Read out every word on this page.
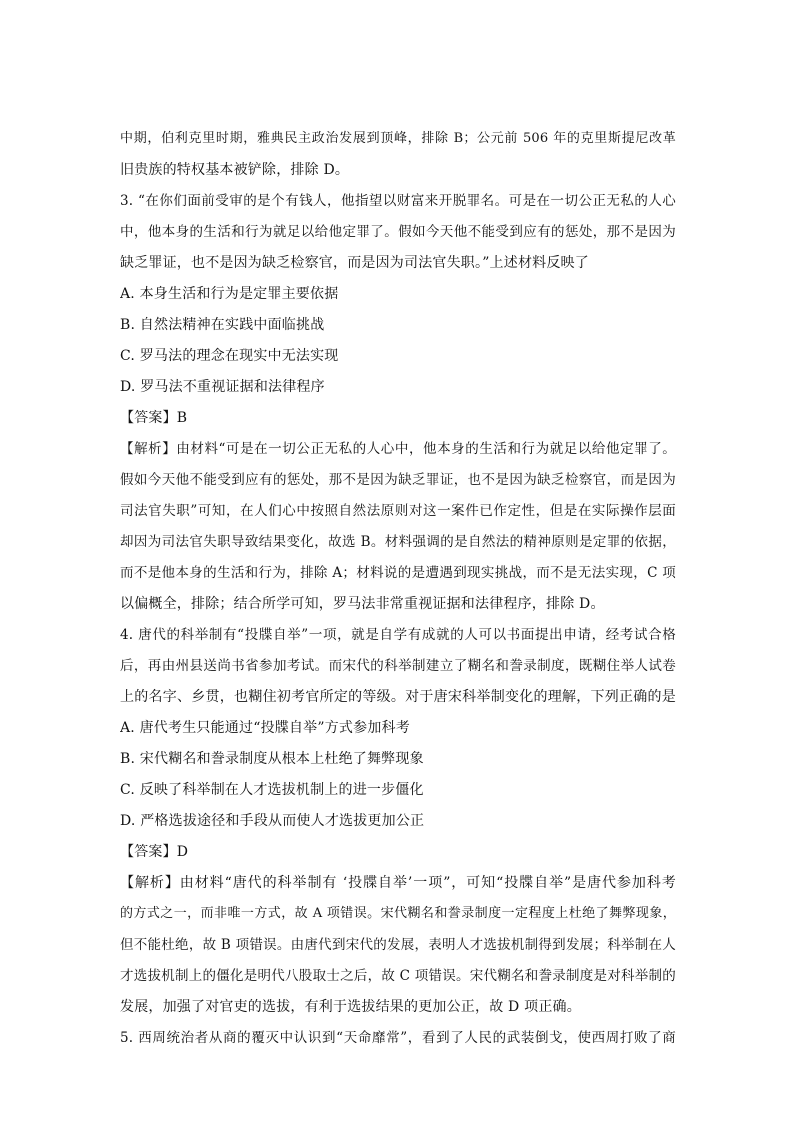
中期，伯利克里时期，雅典民主政治发展到顶峰，排除 B；公元前 506 年的克里斯提尼改革
旧贵族的特权基本被铲除，排除 D。
3. “在你们面前受审的是个有钱人，他指望以财富来开脱罪名。可是在一切公正无私的人心
中，他本身的生活和行为就足以给他定罪了。假如今天他不能受到应有的惩处，那不是因为
缺乏罪证，也不是因为缺乏检察官，而是因为司法官失职。”上述材料反映了
A. 本身生活和行为是定罪主要依据
B. 自然法精神在实践中面临挑战
C. 罗马法的理念在现实中无法实现
D. 罗马法不重视证据和法律程序
【答案】B
【解析】由材料“可是在一切公正无私的人心中，他本身的生活和行为就足以给他定罪了。
假如今天他不能受到应有的惩处，那不是因为缺乏罪证，也不是因为缺乏检察官，而是因为
司法官失职”可知，在人们心中按照自然法原则对这一案件已作定性，但是在实际操作层面
却因为司法官失职导致结果变化，故选 B。材料强调的是自然法的精神原则是定罪的依据，
而不是他本身的生活和行为，排除 A；材料说的是遭遇到现实挑战，而不是无法实现，C 项
以偏概全，排除；结合所学可知，罗马法非常重视证据和法律程序，排除 D。
4. 唐代的科举制有“投牒自举”一项，就是自学有成就的人可以书面提出申请，经考试合格
后，再由州县送尚书省参加考试。而宋代的科举制建立了糊名和誊录制度，既糊住举人试卷
上的名字、乡贯，也糊住初考官所定的等级。对于唐宋科举制变化的理解，下列正确的是
A. 唐代考生只能通过“投牒自举”方式参加科考
B. 宋代糊名和誊录制度从根本上杜绝了舞弊现象
C. 反映了科举制在人才选拔机制上的进一步僵化
D. 严格选拔途径和手段从而使人才选拔更加公正
【答案】D
【解析】由材料“唐代的科举制有 ‘投牒自举’一项”，可知“投牒自举”是唐代参加科考
的方式之一，而非唯一方式，故 A 项错误。宋代糊名和誊录制度一定程度上杜绝了舞弊现象，
但不能杜绝，故 B 项错误。由唐代到宋代的发展，表明人才选拔机制得到发展；科举制在人
才选拔机制上的僵化是明代八股取士之后，故 C 项错误。宋代糊名和誊录制度是对科举制的
发展，加强了对官吏的选拔，有利于选拔结果的更加公正，故 D 项正确。
5. 西周统治者从商的覆灭中认识到“天命靡常”，看到了人民的武装倒戈，使西周打败了商
